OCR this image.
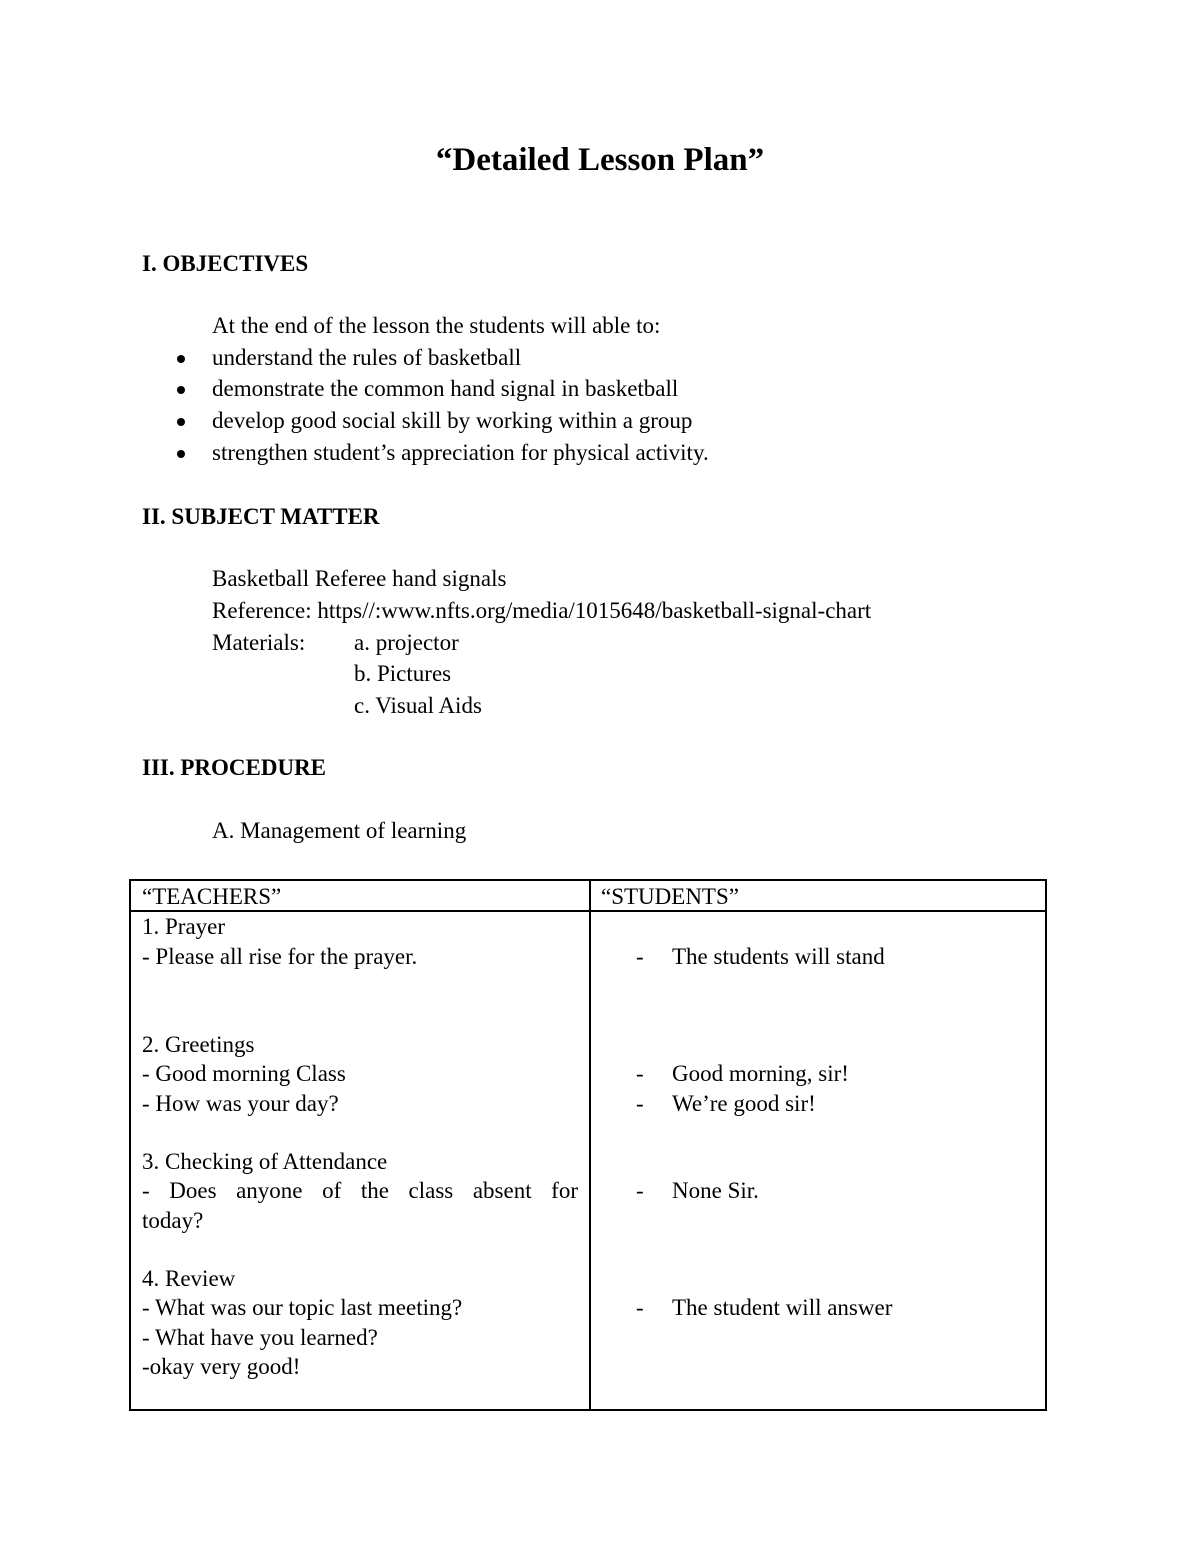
“Detailed Lesson Plan”
I. OBJECTIVES
At the end of the lesson the students will able to:
understand the rules of basketball
demonstrate the common hand signal in basketball
develop good social skill by working within a group
strengthen student’s appreciation for physical activity.
II. SUBJECT MATTER
Basketball Referee hand signals
Reference: https//:www.nfts.org/media/1015648/basketball-signal-chart
Materials: a. projector
b. Pictures
c. Visual Aids
III. PROCEDURE
A. Management of learning
“TEACHERS”	“STUDENTS”
1. Prayer
- Please all rise for the prayer.
2. Greetings
- Good morning Class
- How was your day?
3. Checking of Attendance
- Does anyone of the class absent for
today?
4. Review
- What was our topic last meeting?
- What have you learned?
-okay very good!
- The students will stand
- Good morning, sir!
- We’re good sir!
- None Sir.
- The student will answer
